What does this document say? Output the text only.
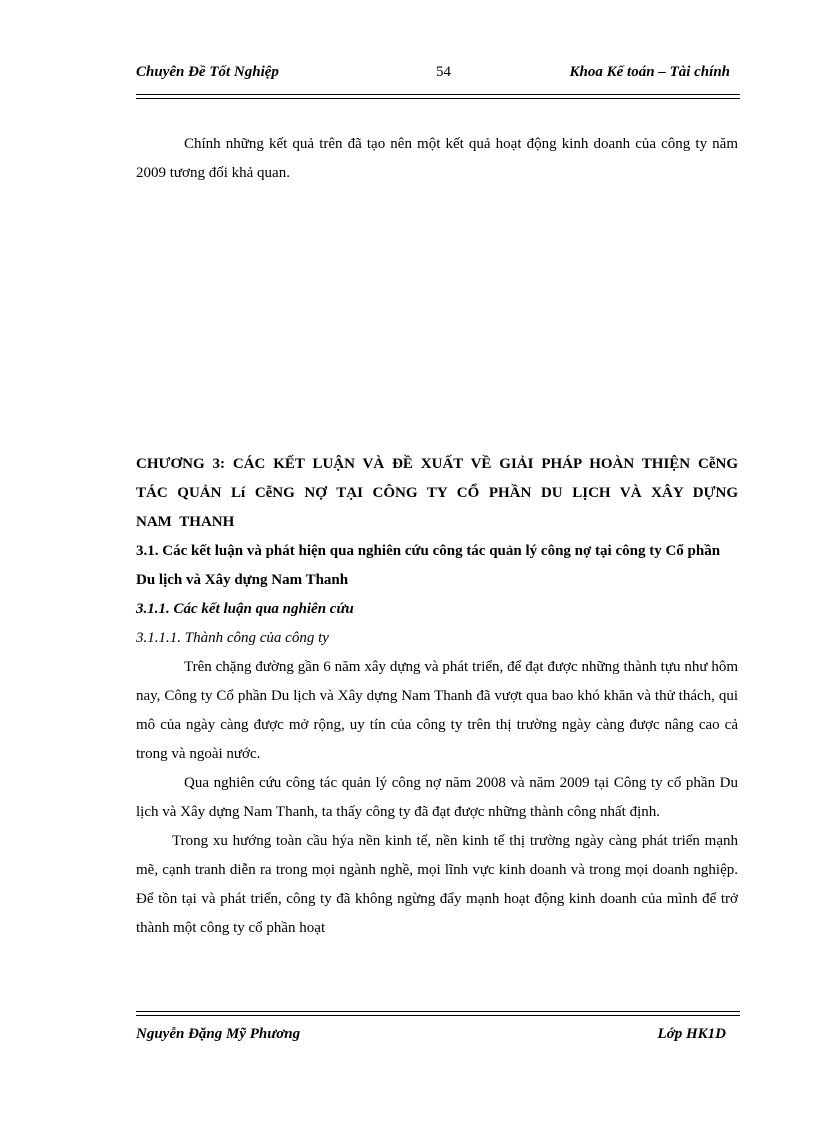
Chuyên Đề Tốt Nghiệp	54	Khoa Kế toán – Tài chính

Chính những kết quả trên đã tạo nên một kết quả hoạt động kinh doanh của công ty năm 2009 tương đối khả quan.

CHƯƠNG 3: CÁC KẾT LUẬN VÀ ĐỀ XUẤT VỀ GIẢI PHÁP HOÀN THIỆN CễNG TÁC QUẢN Lí CễNG NỢ TẠI CÔNG TY CỔ PHẦN DU LỊCH VÀ XÂY DỰNG NAM THANH

3.1. Các kết luận và phát hiện qua nghiên cứu công tác quản lý công nợ tại công ty Cổ phần Du lịch và Xây dựng Nam Thanh

3.1.1. Các kết luận qua nghiên cứu

3.1.1.1. Thành công của công ty

Trên chặng đường gần 6 năm xây dựng và phát triển, để đạt được những thành tựu như hôm nay, Công ty Cổ phần Du lịch và Xây dựng Nam Thanh đã vượt qua bao khó khăn và thử thách, qui mô của ngày càng được mở rộng, uy tín của công ty trên thị trường ngày càng được nâng cao cả trong và ngoài nước.

Qua nghiên cứu công tác quản lý công nợ năm 2008 và năm 2009 tại Công ty cổ phần Du lịch và Xây dựng Nam Thanh, ta thấy công ty đã đạt được những thành công nhất định.

Trong xu hướng toàn cầu hýa nền kinh tế, nền kinh tế thị trường ngày càng phát triển mạnh mẽ, cạnh tranh diễn ra trong mọi ngành nghề, mọi lĩnh vực kinh doanh và trong mọi doanh nghiệp. Để tồn tại và phát triển, công ty đã không ngừng đẩy mạnh hoạt động kinh doanh của mình để trở thành một công ty cổ phần hoạt

Nguyễn Đặng Mỹ Phương	Lớp HK1D
